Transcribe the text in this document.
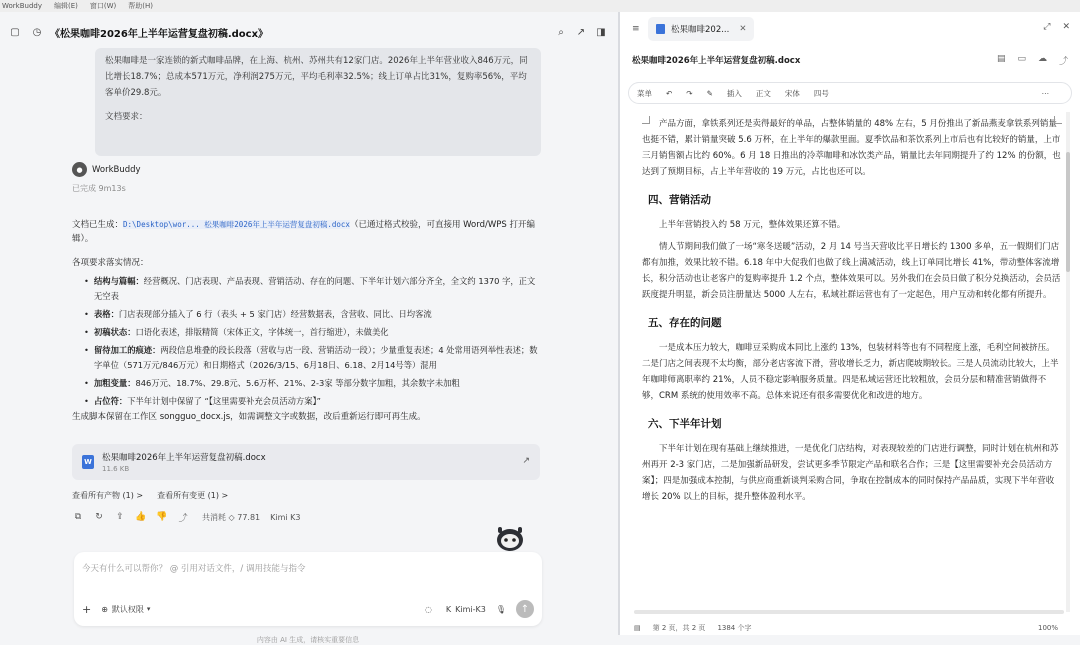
WorkBuddy 编辑(E) 窗口(W) 帮助(H)
▢ ◷ 《松果咖啡2026年上半年运营复盘初稿.docx》	⌕	↗ ◨
松果咖啡是一家连锁的新式咖啡品牌，在上海、杭州、苏州共有12家门店。2026年上半年营业收入846万元，同比增长18.7%；总成本571万元，净利润275万元，平均毛利率32.5%；线上订单占比31%，复购率56%，平均客单价29.8元。
文档要求：
●	WorkBuddy
已完成 9m13s
文档已生成：D:\Desktop\wor... 松果咖啡2026年上半年运营复盘初稿.docx（已通过格式校验，可直接用 Word/WPS 打开编辑）。
各项要求落实情况：
• 结构与篇幅：经营概况、门店表现、产品表现、营销活动、存在的问题、下半年计划六部分齐全，全文约 1370 字，正文无空表
• 表格：门店表现部分插入了 6 行（表头 + 5 家门店）经营数据表，含营收、同比、日均客流
• 初稿状态：口语化表述，排版精简（宋体正文，字体统一，首行缩进），未做美化
• 留待加工的痕迹：两段信息堆叠的段长段落（营收与店一段、营销活动一段）；少量重复表述；4 处常用语列举性表述；数字单位（571万元/846万元）和日期格式（2026/3/15、6月18日、6.18、2月14号等）混用
• 加粗变量：846万元、18.7%、29.8元、5.6万杯、21%、2-3家 等部分数字加粗，其余数字未加粗
• 占位符：下半年计划中保留了 “【这里需要补充会员活动方案】”
生成脚本保留在工作区 songguo_docx.js，如需调整文字或数据，改后重新运行即可再生成。
W 松果咖啡2026年上半年运营复盘初稿.docx
11.6 KB
↗
查看所有产物 (1) > 查看所有变更 (1) >
⧉	↻ ⇪ 👍 👎 ⤴ 共消耗 ◇ 77.81 Kimi K3
今天有什么可以帮你？ @ 引用对话文件，/ 调用技能与指令
+ ⊕ 默认权限 ▾	◌ K Kimi-K3 🎙	↑
内容由 AI 生成，请核实重要信息
≡	松果咖啡202... ✕	⤢ ✕
松果咖啡2026年上半年运营复盘初稿.docx	▤ ▭ ☁ ⤴
菜单 ↶ ↷ ✎ 插入 正文 宋体 四号	⋯

产品方面，拿铁系列还是卖得最好的单品，占整体销量的 48% 左右，5 月份推出了新品燕麦拿铁系列销量也挺不错，累计销量突破 5.6 万杯，在上半年的爆款里面。夏季饮品和茶饮系列上市后也有比较好的销量，上市三月销售额占比约 60%。6 月 18 日推出的冷萃咖啡和冰饮类产品，销量比去年同期提升了约 12% 的份额，也达到了预期目标，占上半年营收的 19 万元，占比也还可以。

四、营销活动

上半年营销投入约 58 万元，整体效果还算不错。

情人节期间我们做了一场“寒冬送暖”活动，2 月 14 号当天营收比平日增长约 1300 多单，五一假期们门店都有加推，效果比较不错。6.18 年中大促我们也做了线上满减活动，线上订单同比增长 41%，带动整体客流增长，积分活动也让老客户的复购率提升 1.2 个点，整体效果可以。另外我们在会员日做了积分兑换活动，会员活跃度提升明显，新会员注册量达 5000 人左右，私域社群运营也有了一定起色，用户互动和转化都有所提升。

五、存在的问题

一是成本压力较大，咖啡豆采购成本同比上涨约 13%，包装材料等也有不同程度上涨，毛利空间被挤压。二是门店之间表现不太均衡，部分老店客流下滑，营收增长乏力，新店爬坡期较长。三是人员流动比较大，上半年咖啡师离职率约 21%，人员不稳定影响服务质量。四是私域运营还比较粗放，会员分层和精准营销做得不够，CRM 系统的使用效率不高。总体来说还有很多需要优化和改进的地方。

六、下半年计划

下半年计划在现有基础上继续推进，一是优化门店结构，对表现较差的门店进行调整，同时计划在杭州和苏州再开 2-3 家门店，二是加强新品研发，尝试更多季节限定产品和联名合作；三是【这里需要补充会员活动方案】；四是加强成本控制，与供应商重新谈判采购合同，争取在控制成本的同时保持产品品质，实现下半年营收增长 20% 以上的目标，提升整体盈利水平。

▤ 第 2 页，共 2 页 1384 个字	100%
